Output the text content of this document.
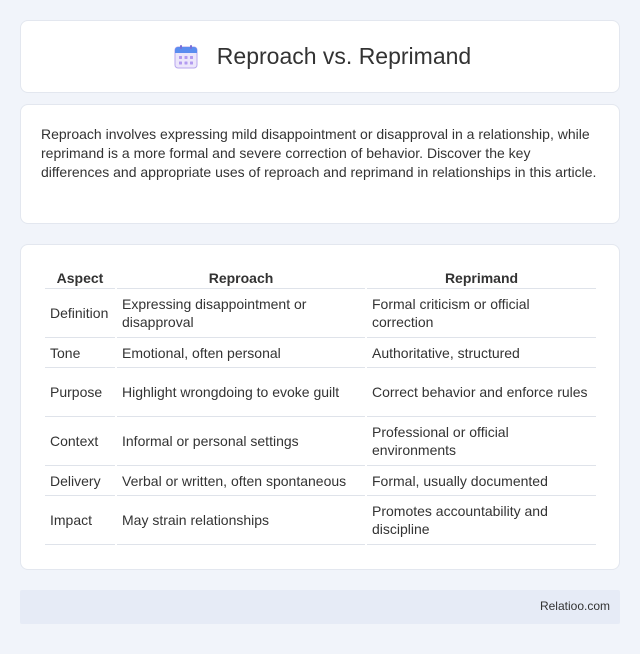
Reproach vs. Reprimand

Reproach involves expressing mild disappointment or disapproval in a relationship, while reprimand is a more formal and severe correction of behavior. Discover the key differences and appropriate uses of reproach and reprimand in relationships in this article.

Aspect	Reproach	Reprimand
Definition	Expressing disappointment or disapproval	Formal criticism or official correction
Tone	Emotional, often personal	Authoritative, structured
Purpose	Highlight wrongdoing to evoke guilt	Correct behavior and enforce rules
Context	Informal or personal settings	Professional or official environments
Delivery	Verbal or written, often spontaneous	Formal, usually documented
Impact	May strain relationships	Promotes accountability and discipline
Relatioo.com
